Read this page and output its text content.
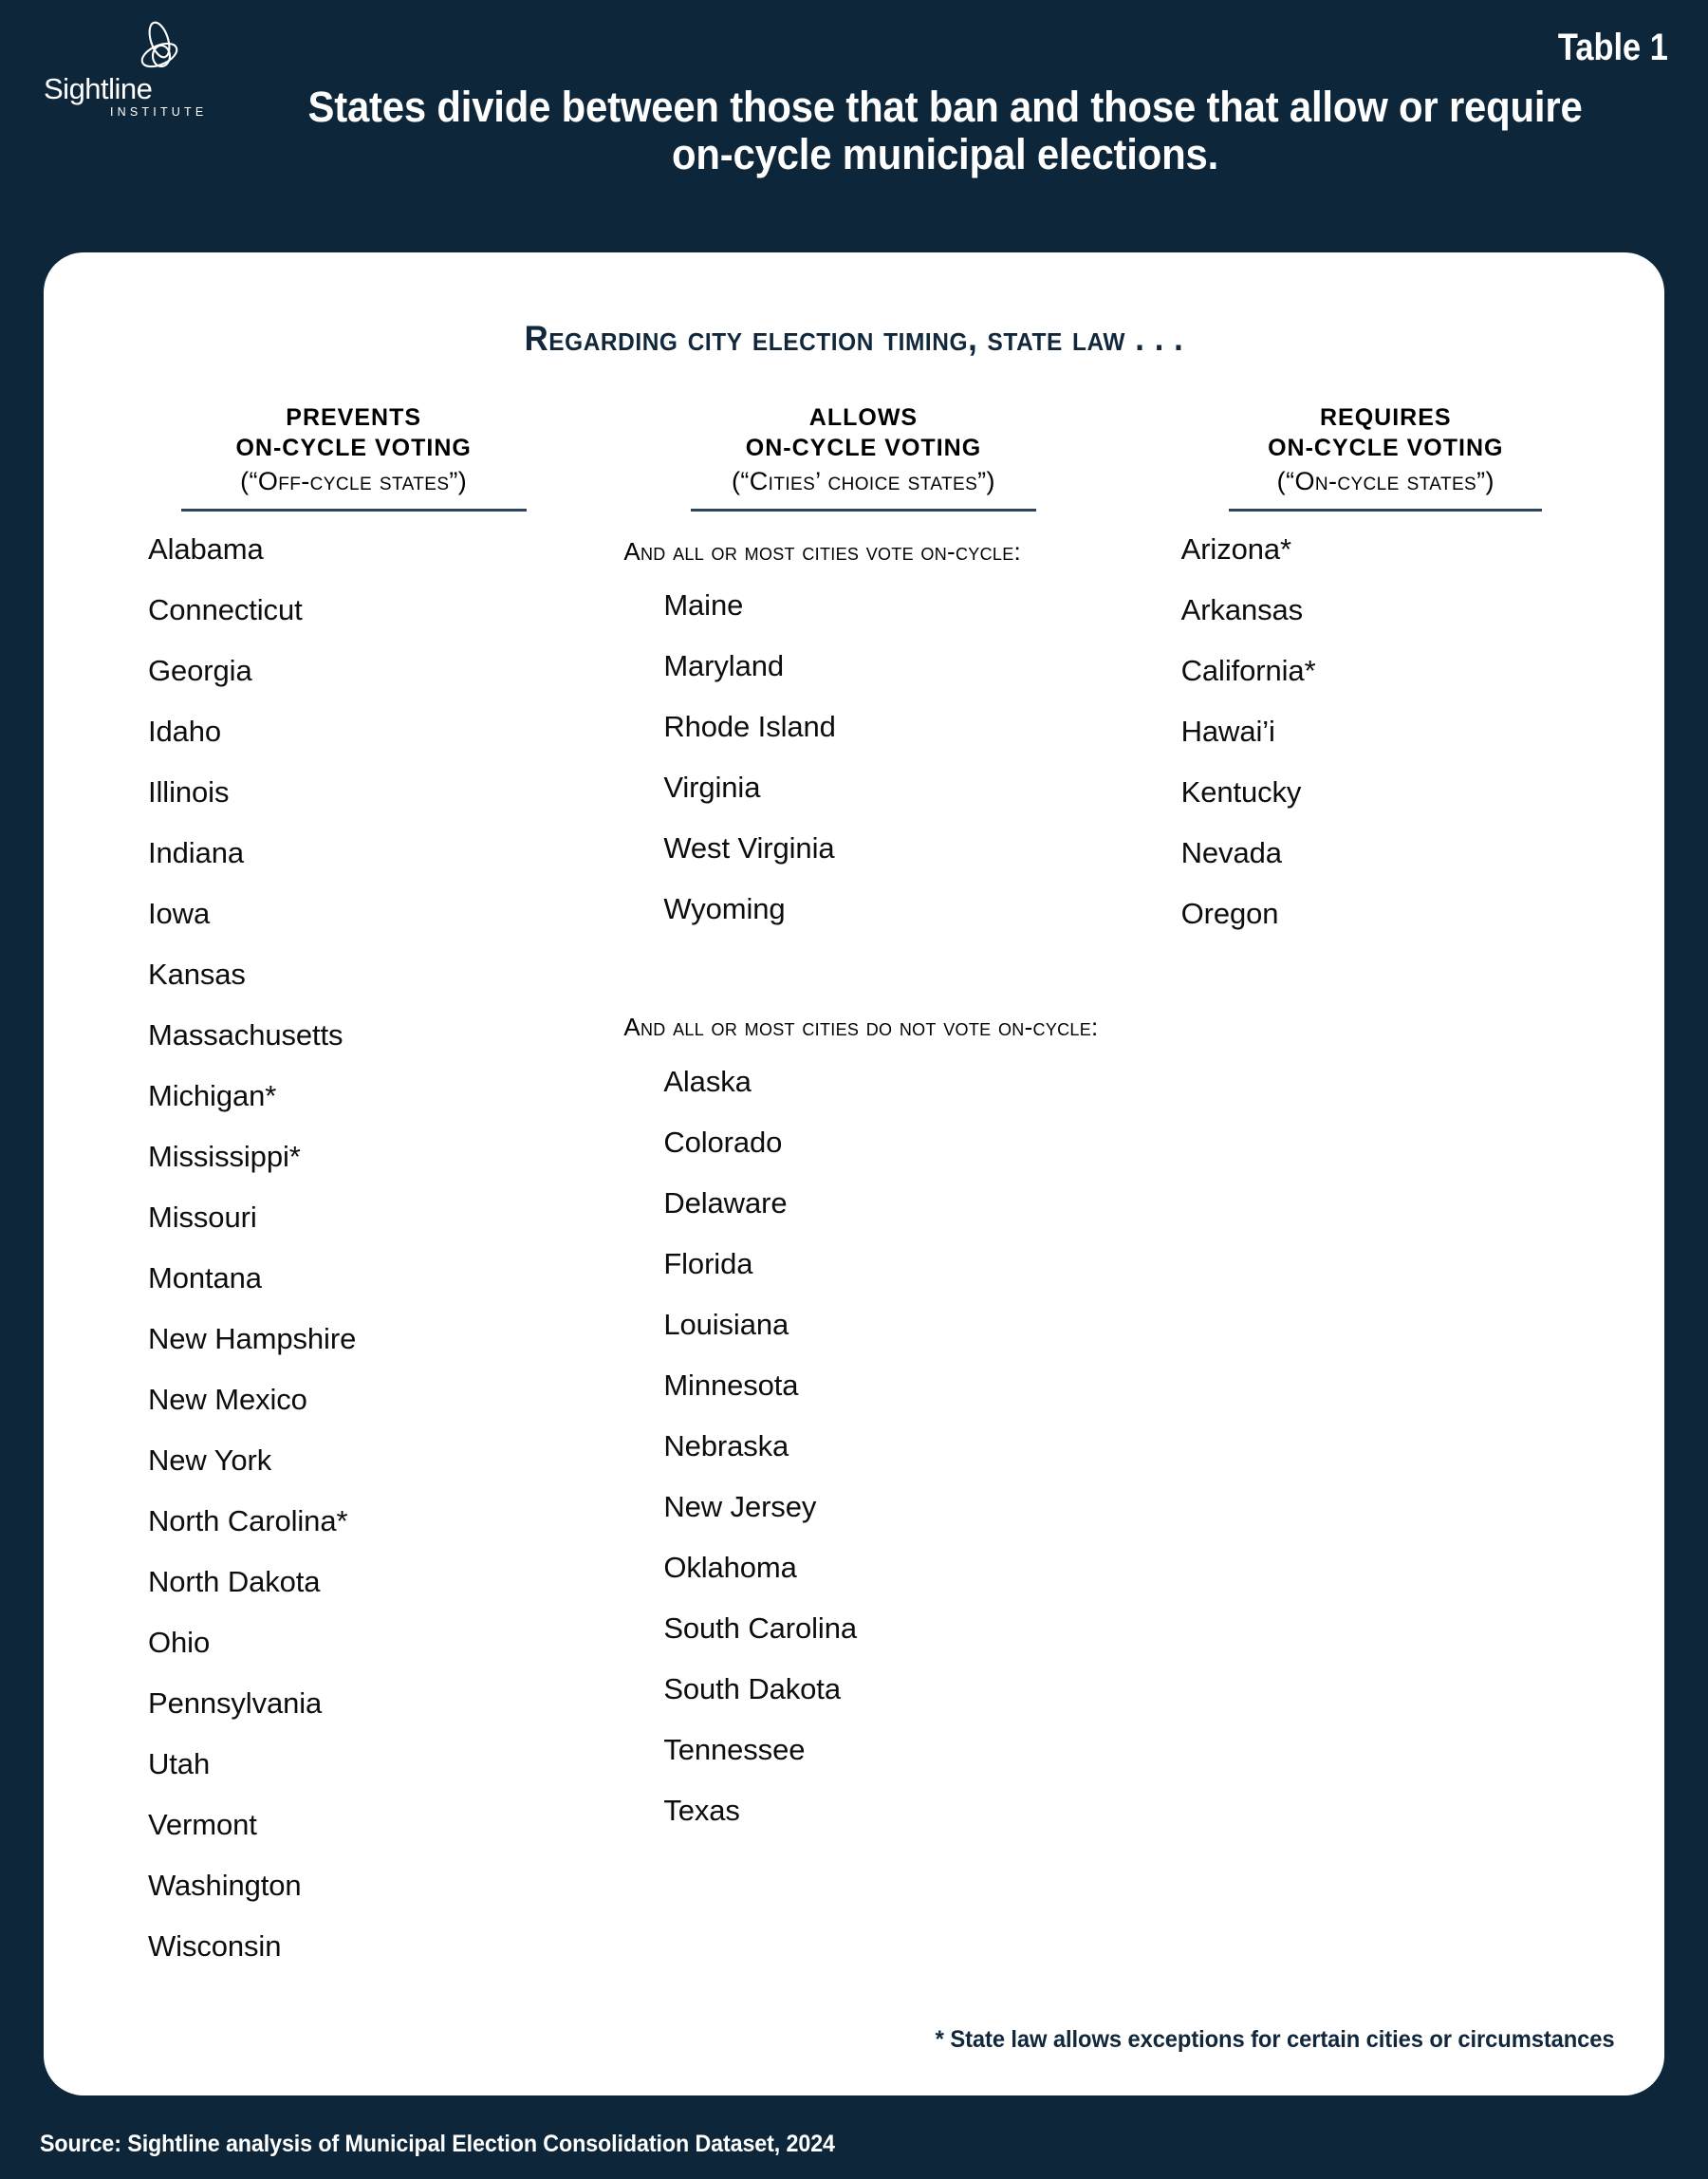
Sightline
INSTITUTE
Table 1
States divide between those that ban and those that allow or require on-cycle municipal elections.
Regarding city election timing, state law . . .
PREVENTS
ON-CYCLE VOTING
(“Off-cycle states”)
Alabama
Connecticut
Georgia
Idaho
Illinois
Indiana
Iowa
Kansas
Massachusetts
Michigan*
Mississippi*
Missouri
Montana
New Hampshire
New Mexico
New York
North Carolina*
North Dakota
Ohio
Pennsylvania
Utah
Vermont
Washington
Wisconsin
ALLOWS
ON-CYCLE VOTING
(“Cities’ choice states”)
And all or most cities vote on-cycle:
Maine
Maryland
Rhode Island
Virginia
West Virginia
Wyoming
And all or most cities do not vote on-cycle:
Alaska
Colorado
Delaware
Florida
Louisiana
Minnesota
Nebraska
New Jersey
Oklahoma
South Carolina
South Dakota
Tennessee
Texas
REQUIRES
ON-CYCLE VOTING
(“On-cycle states”)
Arizona*
Arkansas
California*
Hawai’i
Kentucky
Nevada
Oregon
* State law allows exceptions for certain cities or circumstances
Source: Sightline analysis of Municipal Election Consolidation Dataset, 2024
